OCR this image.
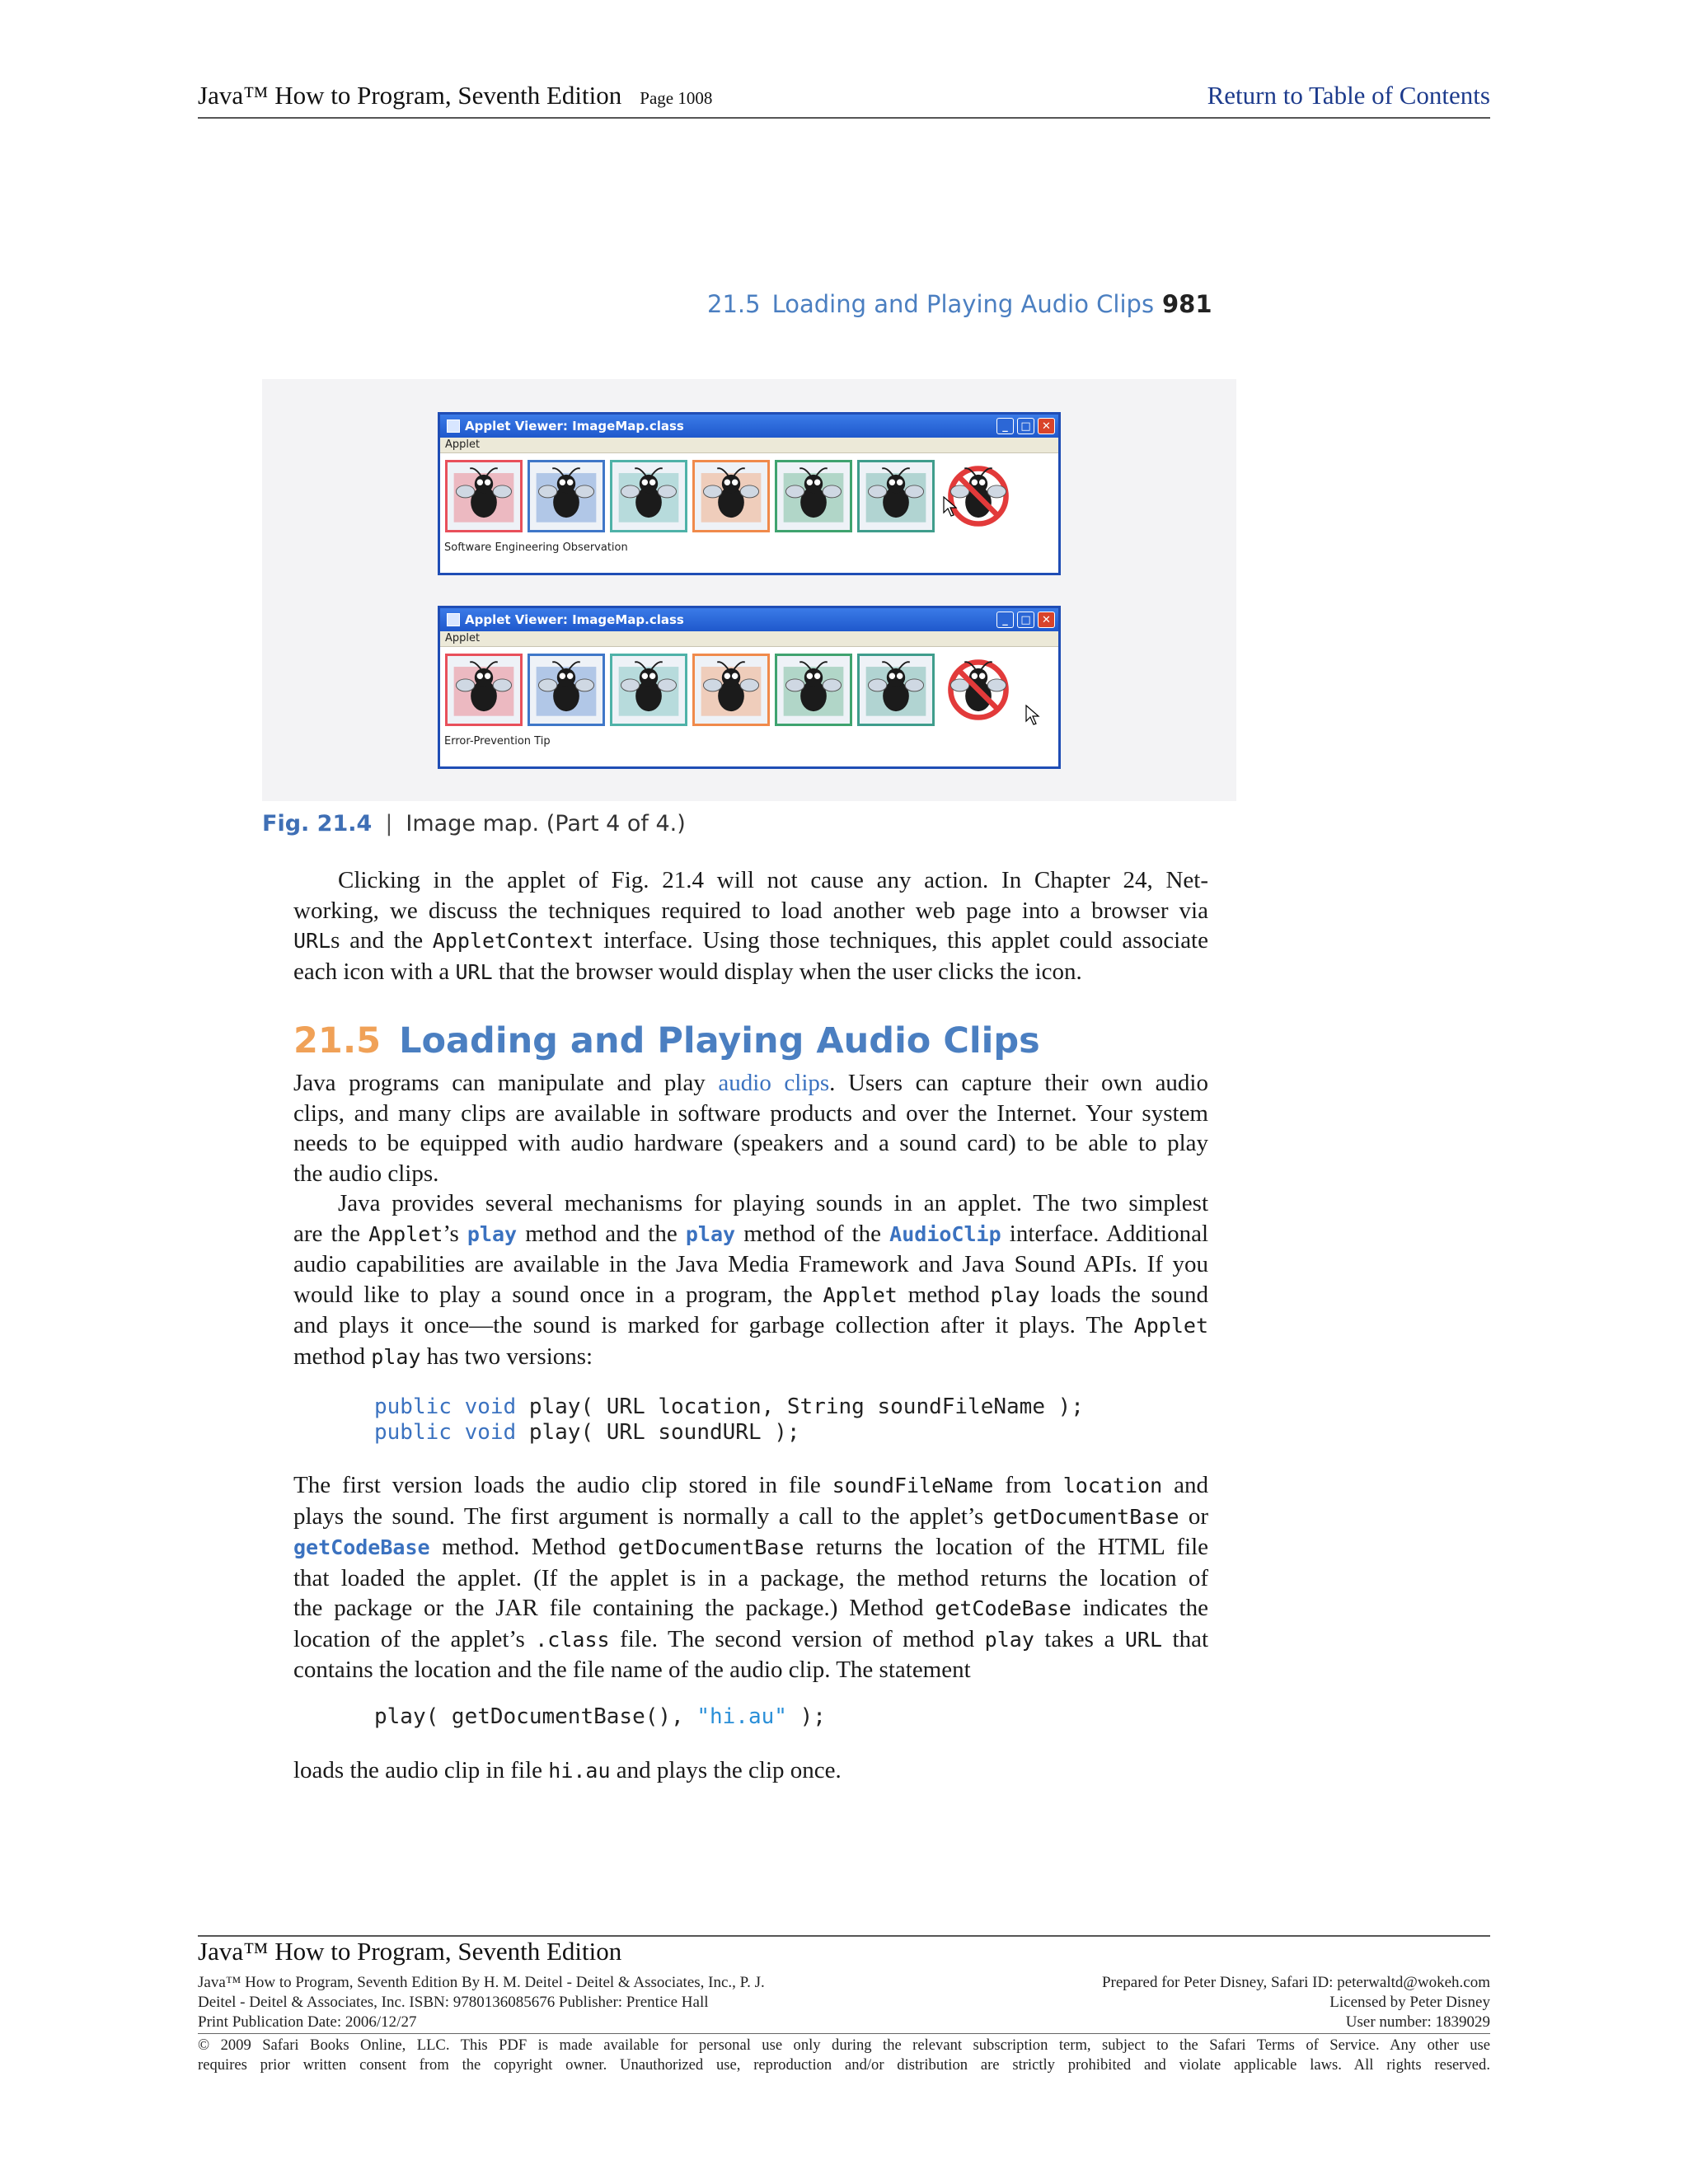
Java™ How to Program, Seventh Edition Page 1008	Return to Table of Contents
21.5 Loading and Playing Audio Clips 981
Applet Viewer: ImageMap.class	_	□	✕
Applet
Software Engineering Observation
Applet Viewer: ImageMap.class	_	□	✕
Applet
Error-Prevention Tip
Fig. 21.4 | Image map. (Part 4 of 4.)
Clicking in the applet of Fig. 21.4 will not cause any action. In Chapter 24, Net-
working, we discuss the techniques required to load another web page into a browser via
URLs and the AppletContext interface. Using those techniques, this applet could associate
each icon with a URL that the browser would display when the user clicks the icon.
21.5 Loading and Playing Audio Clips
Java programs can manipulate and play audio clips. Users can capture their own audio
clips, and many clips are available in software products and over the Internet. Your system
needs to be equipped with audio hardware (speakers and a sound card) to be able to play
the audio clips.
Java provides several mechanisms for playing sounds in an applet. The two simplest
are the Applet’s play method and the play method of the AudioClip interface. Additional
audio capabilities are available in the Java Media Framework and Java Sound APIs. If you
would like to play a sound once in a program, the Applet method play loads the sound
and plays it once—the sound is marked for garbage collection after it plays. The Applet
method play has two versions:
public void play( URL location, String soundFileName );
public void play( URL soundURL );
The first version loads the audio clip stored in file soundFileName from location and
plays the sound. The first argument is normally a call to the applet’s getDocumentBase or
getCodeBase method. Method getDocumentBase returns the location of the HTML file
that loaded the applet. (If the applet is in a package, the method returns the location of
the package or the JAR file containing the package.) Method getCodeBase indicates the
location of the applet’s .class file. The second version of method play takes a URL that
contains the location and the file name of the audio clip. The statement
play( getDocumentBase(), "hi.au" );
loads the audio clip in file hi.au and plays the clip once.
Java™ How to Program, Seventh Edition
Java™ How to Program, Seventh Edition By H. M. Deitel - Deitel & Associates, Inc., P. J.
Deitel - Deitel & Associates, Inc. ISBN: 9780136085676 Publisher: Prentice Hall
Print Publication Date: 2006/12/27
Prepared for Peter Disney, Safari ID: peterwaltd@wokeh.com
Licensed by Peter Disney
User number: 1839029
© 2009 Safari Books Online, LLC. This PDF is made available for personal use only during the relevant subscription term, subject to the Safari Terms of Service. Any other use
requires prior written consent from the copyright owner. Unauthorized use, reproduction and/or distribution are strictly prohibited and violate applicable laws. All rights reserved.
